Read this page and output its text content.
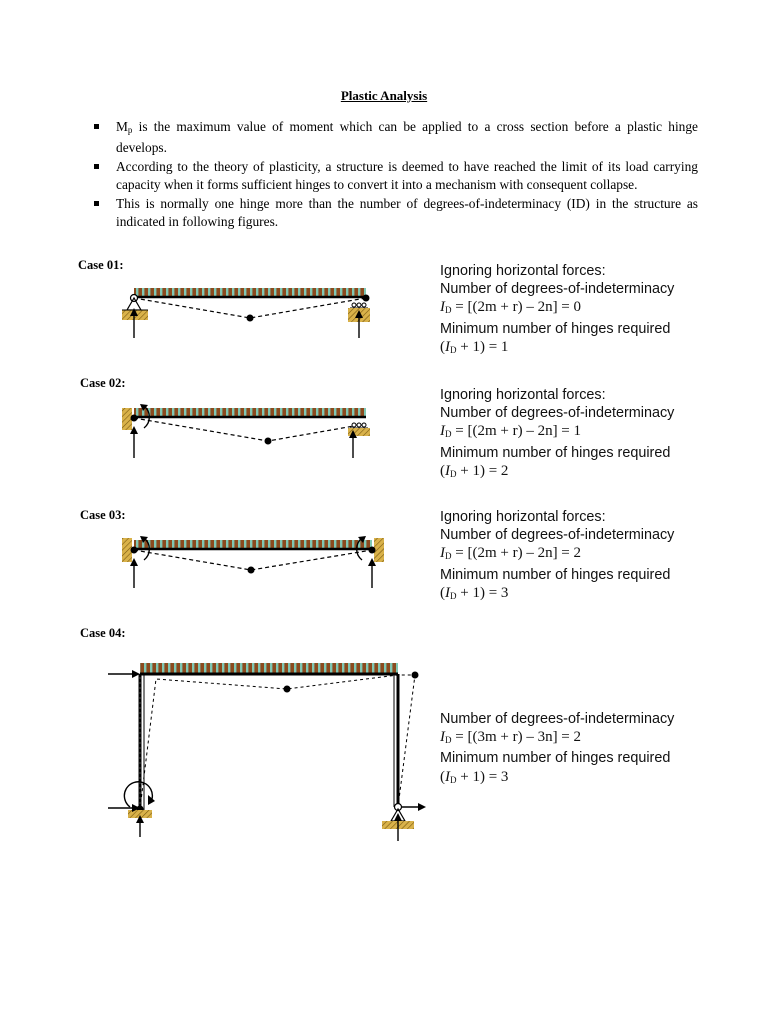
Plastic Analysis
$M_p$ is the maximum value of moment which can be applied to a cross section before a plastic hinge develops.
According to the theory of plasticity, a structure is deemed to have reached the limit of its load carrying capacity when it forms sufficient hinges to convert it into a mechanism with consequent collapse.
This is normally one hinge more than the number of degrees-of-indeterminacy (ID) in the structure as indicated in following figures.
Case 01:	Ignoring horizontal forces:
Number of degrees-of-indeterminacy
$I_D = [(2m + r) - 2n] = 0$
Minimum number of hinges required
$(I_D + 1) = 1$
Case 02:
Ignoring horizontal forces:
Number of degrees-of-indeterminacy
$I_D = [(2m + r) - 2n] = 1$
Minimum number of hinges required
$(I_D + 1) = 2$
Case 03:	Ignoring horizontal forces:
Number of degrees-of-indeterminacy
$I_D = [(2m + r) - 2n] = 2$
Minimum number of hinges required
$(I_D + 1) = 3$
Case 04:
Number of degrees-of-indeterminacy
$I_D = [(3m + r) - 3n] = 2$
Minimum number of hinges required
$(I_D + 1) = 3$
